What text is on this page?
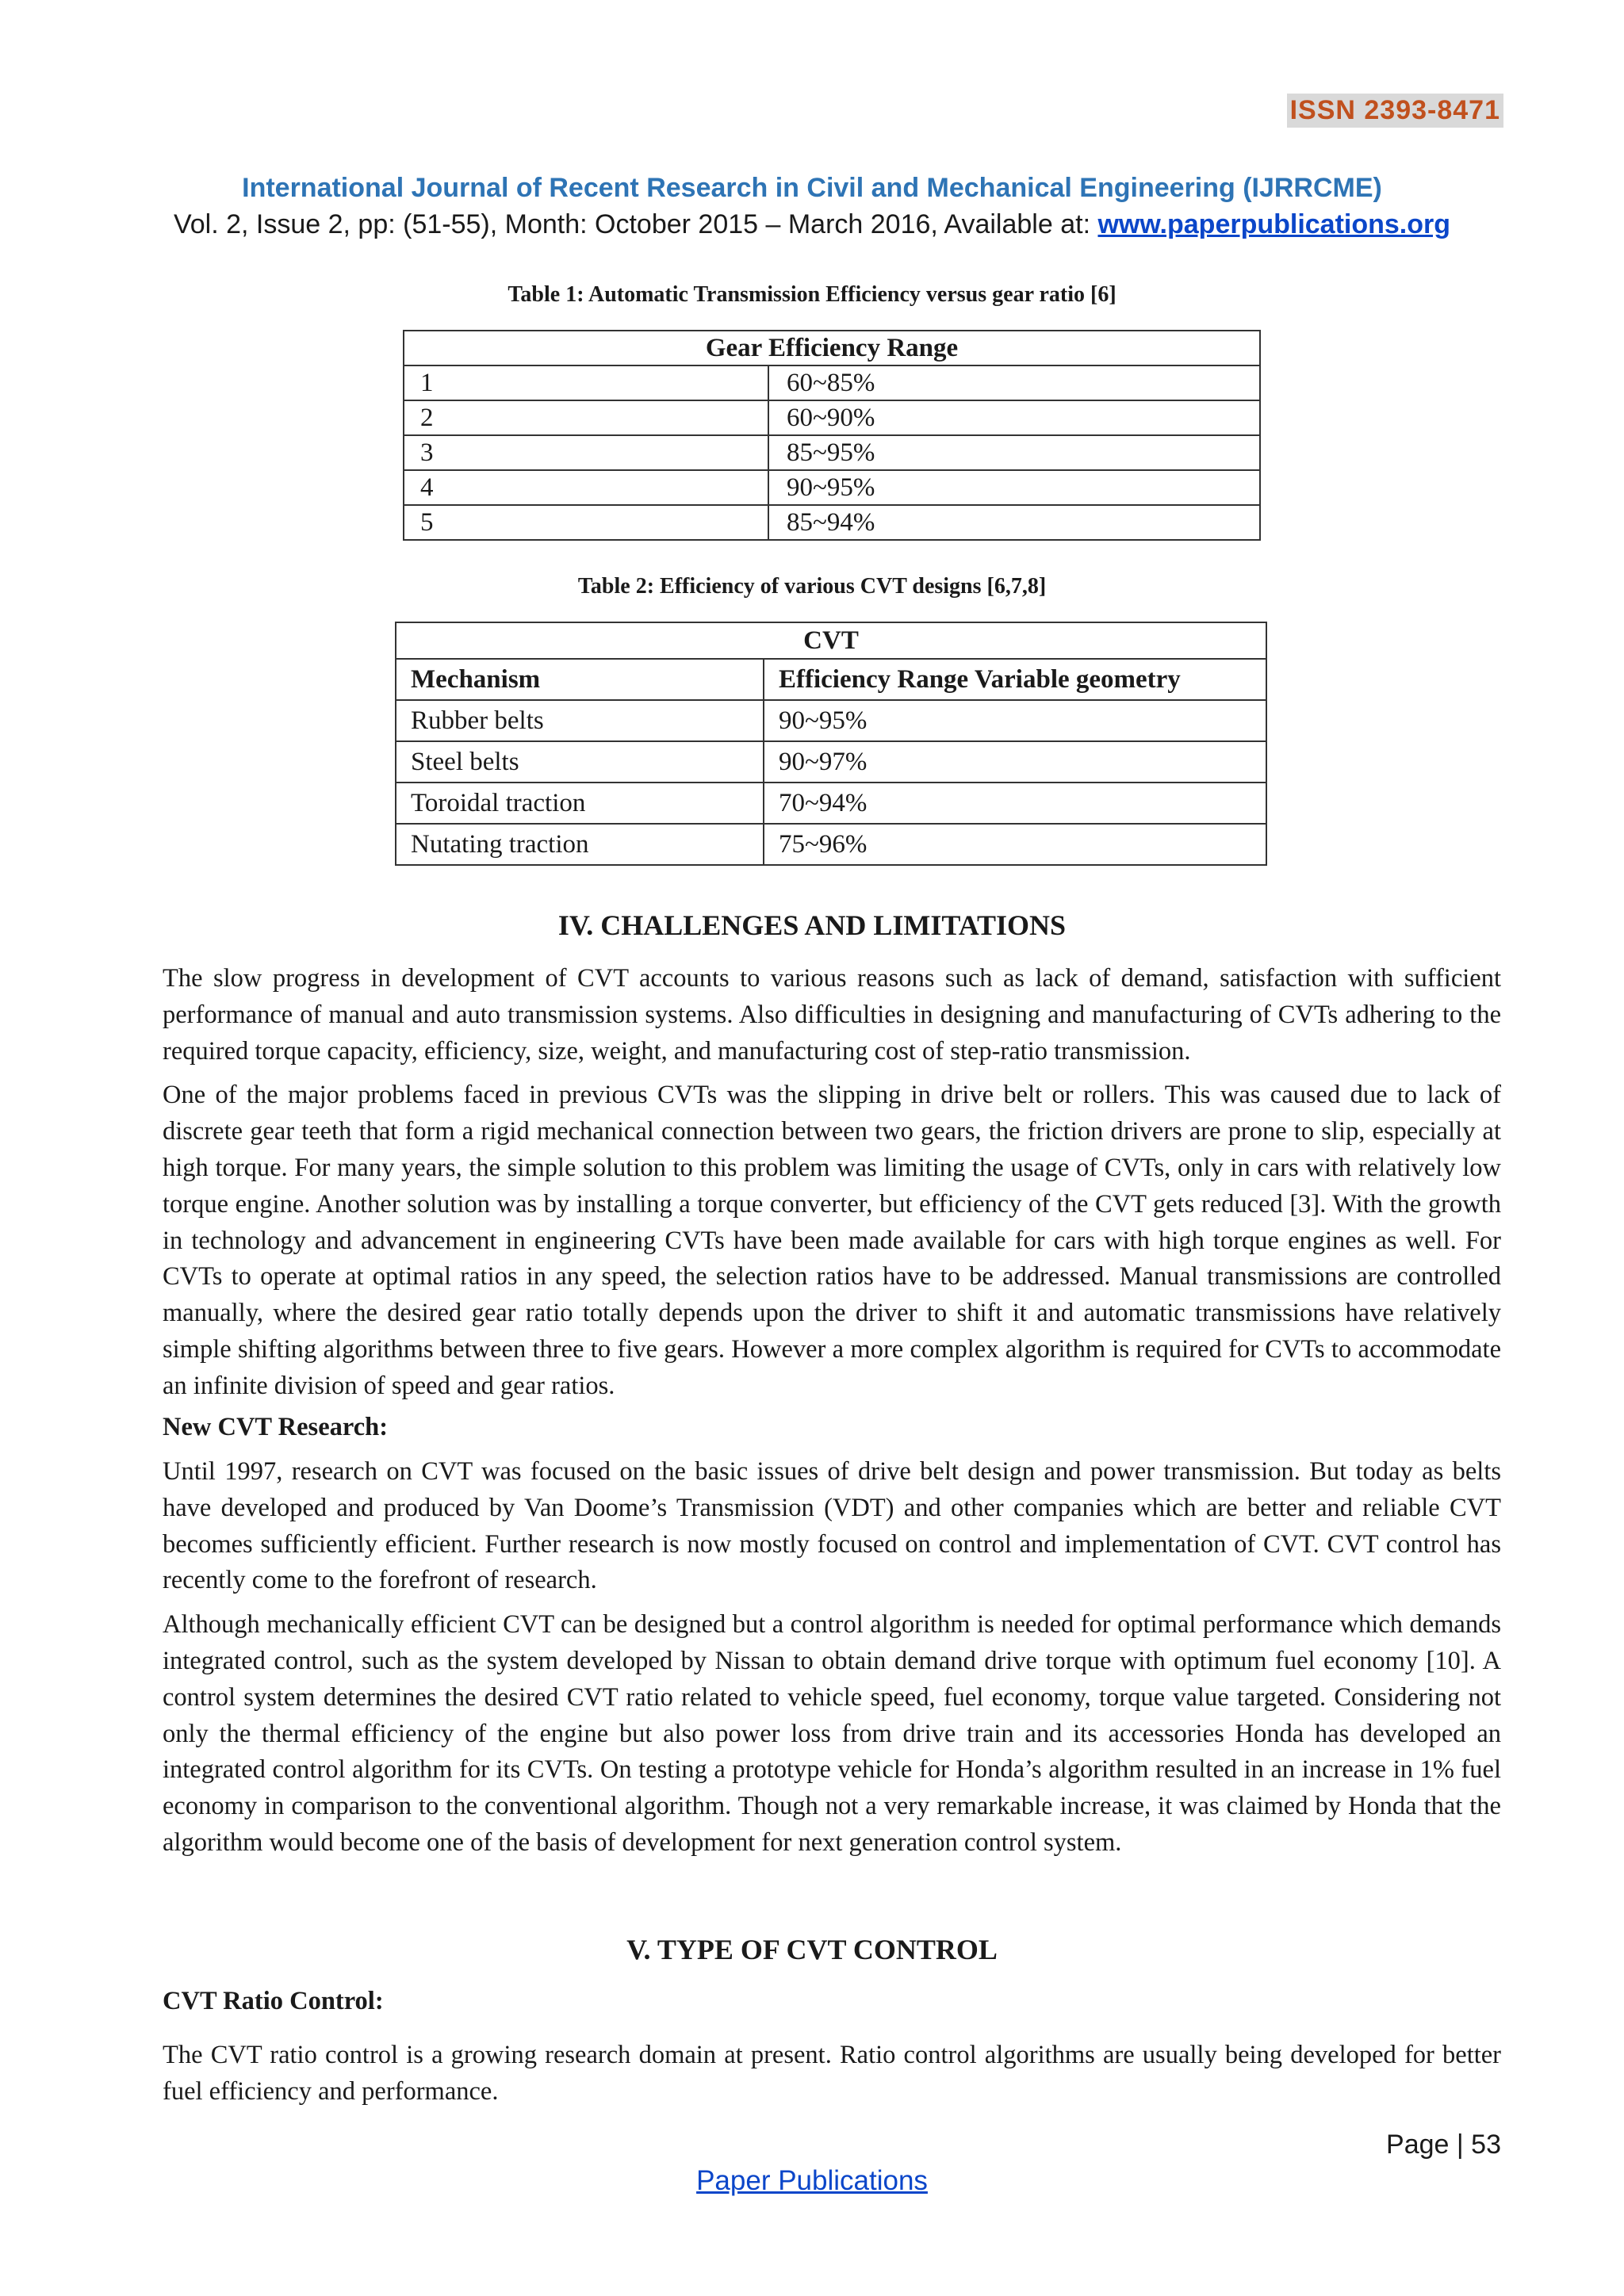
ISSN 2393-8471
International Journal of Recent Research in Civil and Mechanical Engineering (IJRRCME)
Vol. 2, Issue 2, pp: (51-55), Month: October 2015 – March 2016, Available at: www.paperpublications.org
Table 1: Automatic Transmission Efficiency versus gear ratio [6]
Gear Efficiency Range	
1	60~85%
2	60~90%
3	85~95%
4	90~95%
5	85~94%
Table 2: Efficiency of various CVT designs [6,7,8]
CVT	
Mechanism	Efficiency Range Variable geometry
Rubber belts	90~95%
Steel belts	90~97%
Toroidal traction	70~94%
Nutating traction	75~96%
IV. CHALLENGES AND LIMITATIONS

The slow progress in development of CVT accounts to various reasons such as lack of demand, satisfaction with sufficient performance of manual and auto transmission systems. Also difficulties in designing and manufacturing of CVTs adhering to the required torque capacity, efficiency, size, weight, and manufacturing cost of step-ratio transmission.

One of the major problems faced in previous CVTs was the slipping in drive belt or rollers. This was caused due to lack of discrete gear teeth that form a rigid mechanical connection between two gears, the friction drivers are prone to slip, especially at high torque. For many years, the simple solution to this problem was limiting the usage of CVTs, only in cars with relatively low torque engine. Another solution was by installing a torque converter, but efficiency of the CVT gets reduced [3]. With the growth in technology and advancement in engineering CVTs have been made available for cars with high torque engines as well. For CVTs to operate at optimal ratios in any speed, the selection ratios have to be addressed. Manual transmissions are controlled manually, where the desired gear ratio totally depends upon the driver to shift it and automatic transmissions have relatively simple shifting algorithms between three to five gears. However a more complex algorithm is required for CVTs to accommodate an infinite division of speed and gear ratios.

New CVT Research:

Until 1997, research on CVT was focused on the basic issues of drive belt design and power transmission. But today as belts have developed and produced by Van Doome’s Transmission (VDT) and other companies which are better and reliable CVT becomes sufficiently efficient. Further research is now mostly focused on control and implementation of CVT. CVT control has recently come to the forefront of research.

Although mechanically efficient CVT can be designed but a control algorithm is needed for optimal performance which demands integrated control, such as the system developed by Nissan to obtain demand drive torque with optimum fuel economy [10]. A control system determines the desired CVT ratio related to vehicle speed, fuel economy, torque value targeted. Considering not only the thermal efficiency of the engine but also power loss from drive train and its accessories Honda has developed an integrated control algorithm for its CVTs. On testing a prototype vehicle for Honda’s algorithm resulted in an increase in 1% fuel economy in comparison to the conventional algorithm. Though not a very remarkable increase, it was claimed by Honda that the algorithm would become one of the basis of development for next generation control system.

V. TYPE OF CVT CONTROL
CVT Ratio Control:

The CVT ratio control is a growing research domain at present. Ratio control algorithms are usually being developed for better fuel efficiency and performance.

Page | 53
Paper Publications
